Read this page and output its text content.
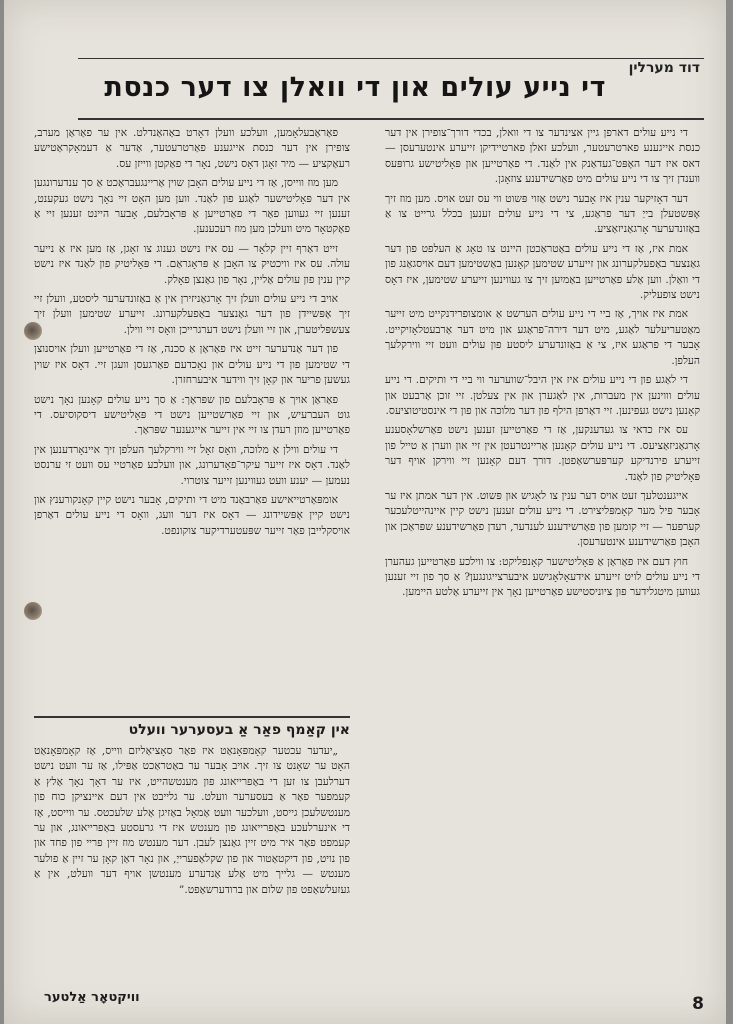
דוד מערלין
די נייע עולים און די וואלן צו דער כנסת

די נייע עולים דארפן גיין אצינדער צו די וואלן, בכדי דורך־צופירן אין דער כנסת אייגענע פארטרעטער, וועלכע זאלן פארטיידיקן זייערע אינטערעסן — דאס איז דער האָפּט־געדאַנק אין לאַנד. די פאַרטייען און פּאָליטישע גרופּעס ווענדן זיך צו די נייע עולים מיט פאַרשידענע צוזאָגן.

דער דאָזיקער ענין איז אָבער נישט אַזוי פּשוט ווי עס זעט אויס. מען מוז זיך אָפּשטעלן בייַ דער פראַגע, צי די נייע עולים זענען בכלל גרייט צו אַ באַזונדערער אָרגאַניזאַציע.

אמת איז, אַז די נייע עולים באַטראַכטן היינט צו טאָג אַ העלפט פון דער גאַנצער באַפעלקערונג און זייערע שטימען קאָנען באַשטימען דעם אויסגאַנג פון די וואַלן. ווען אַלע פאַרטייען באַמיִען זיך צו געווינען זייערע שטימען, איז דאָס נישט צופעליק.

אמת איז אויך, אַז ביי די נייע עולים הערשט אַ אומצופרידנקייט מיט זייער מאַטעריעלער לאַגע, מיט דער דירה־פראַגע און מיט דער אַרבעטלאָזיקייט. אָבער די פראַגע איז, צי אַ באַזונדערע ליסטע פון עולים וועט זיי ווירקלעך העלפן.

די לאַגע פון די נייע עולים איז אין היבל־שווערער ווי ביי די ותיקים. די נייע עולים וווינען אין מעברות, אין לאַגערן און אין צעלטן. זיי זוכן אַרבעט און קאָנען נישט געפינען. זיי דאַרפן הילף פון דער מלוכה און פון די אינסטיטוציעס.

עס איז כדאי צו געדענקען, אַז די פאַרטייען זענען נישט פאַרשלאָסענע אָרגאַניזאַציעס. די נייע עולים קאָנען אַריינטרעטן אין זיי און ווערן אַ טייל פון זייערע פירנדיקע קערפּערשאַפטן. דורך דעם קאָנען זיי ווירקן אויף דער פּאָליטיק פון לאַנד.

אייגענטלעך זעט אויס דער ענין צו לאָגיש און פּשוט. אין דער אמתן איז ער אָבער פיל מער קאָמפּליצירט. די נייע עולים זענען נישט קיין איינהייטלעכער קערפּער — זיי קומען פון פאַרשידענע לענדער, רעדן פאַרשידענע שפּראַכן און האָבן פאַרשידענע אינטערעסן.

חוץ דעם איז פאַראַן אַ פּאָליטישער קאָנפליקט: צו ווילכע פאַרטייען געהערן די נייע עולים לויט זייערע אידעאָלאָגישע איבערצייגונגען? אַ סך פון זיי זענען געווען מיטגלידער פון ציוניסטישע פאַרטייען נאָך אין זייערע אַלטע היימען.

פאַראַבעלאָמען, וועלכע וועלן דאָרט באַהאַנדלט. אין ער פאַראַן מערב, צופירן אין דער כנסת אייגענע פאַרטרעטער, אַדער אַ דעמאָקראַטישע רעאַקציע — מיר זאָגן דאָס נישט, נאָר די פאַקטן ווייזן עס.

מען מוז ווייסן, אַז די נייע עולים האָבן שוין אַריינגעבראַכט אַ סך ענדערונגען אין דער פּאָליטישער לאַגע פון לאַנד. ווען מען האָט זיי נאָך נישט געקענט, זענען זיי געווען פאַר די פאַרטייען אַ פּראָבלעם, אָבער היינט זענען זיי אַ פאַקטאָר מיט וועלכן מען מוז רעכענען.

זייט דאַרף זיין קלאָר — עס איז נישט גענוג צו זאָגן, אַז מען איז אַ נייער עולה. עס איז וויכטיק צו האָבן אַ פּראָגראַם. די פּאָליטיק פון לאַנד איז נישט קיין ענין פון עולים אַליין, נאָר פון גאַנצן פאָלק.

אויב די נייע עולים וועלן זיך אָרגאַניזירן אין אַ באַזונדערער ליסטע, וועלן זיי זיך אָפּשיידן פון דער גאַנצער באַפעלקערונג. זייערע שטימען וועלן זיך צעשפּליטערן, און זיי וועלן נישט דערגרייכן וואָס זיי ווילן.

פון דער אַנדערער זייט איז פאַראַן אַ סכנה, אַז די פאַרטייען וועלן אויסנוצן די שטימען פון די נייע עולים און נאָכדעם פאַרגעסן וועגן זיי. דאָס איז שוין געשען פריער און קאָן זיך ווידער איבערחזרן.

פאַראַן אויך אַ פּראָבלעם פון שפּראַך: אַ סך נייע עולים קאָנען נאָך נישט גוט העברעיש, און זיי פאַרשטייען נישט די פּאָליטישע דיסקוסיעס. די פאַרטייען מוזן רעדן צו זיי אין זייער אייגענער שפּראַך.

די עולים ווילן אַ מלוכה, וואָס זאָל זיי ווירקלעך העלפן זיך איינאָרדענען אין לאַנד. דאָס איז זייער עיקר־פאָדערונג, און וועלכע פאַרטיי עס וועט זי ערנסט נעמען — יענע וועט געווינען זייער צוטרוי.

אומפּאַרטייאישע פאַרבאַנד מיט די ותיקים, אָבער נישט קיין קאָנקורענץ און נישט קיין אָפּשיידונג — דאָס איז דער וועג, וואָס די נייע עולים דאַרפן אויסקלייבן פאַר זייער שפּעטערדיקער צוקונפט.

אין קאַמף פאַר אַ בעסערער וועלט

„יעדער עכטער קאָמפּאָנאַט איז פאַר סאָציאַליזם ווייס, אַז קאָמפּאָנאַט האָט ער שאָנט צו זיך. אויב אָבער ער באַטראַכט אַפּילו, אַז ער וועט נישט דערלעבן צו זען די באַפרייאונג פון מענטשהייט, איז ער דאָך נאָך אַלץ אַ קעמפער פאַר אַ בעסערער וועלט. ער גלייבט אין דעם איינציקן כוח פון מענטשלעכן גייסט, וועלכער וועט אַמאָל באַזיגן אַלע שלעכטס. ער ווייסט, אַז די אינערלעכע באַפרייאונג פון מענטש איז די גרעסטע באַפרייאונג, און ער קעמפט פאַר איר מיט זיין גאַנצן לעבן. דער מענטש מוז זיין פריי פון פחד און פון נויט, פון דיקטאַטור און פון שקלאַפערייַ, און נאָר דאַן קאָן ער זיין אַ פולער מענטש — גלייך מיט אַלע אַנדערע מענטשן אויף דער וועלט, אין אַ געזעלשאַפט פון שלום און ברודערשאַפט.”

וויקטאָר אַלטער	8
